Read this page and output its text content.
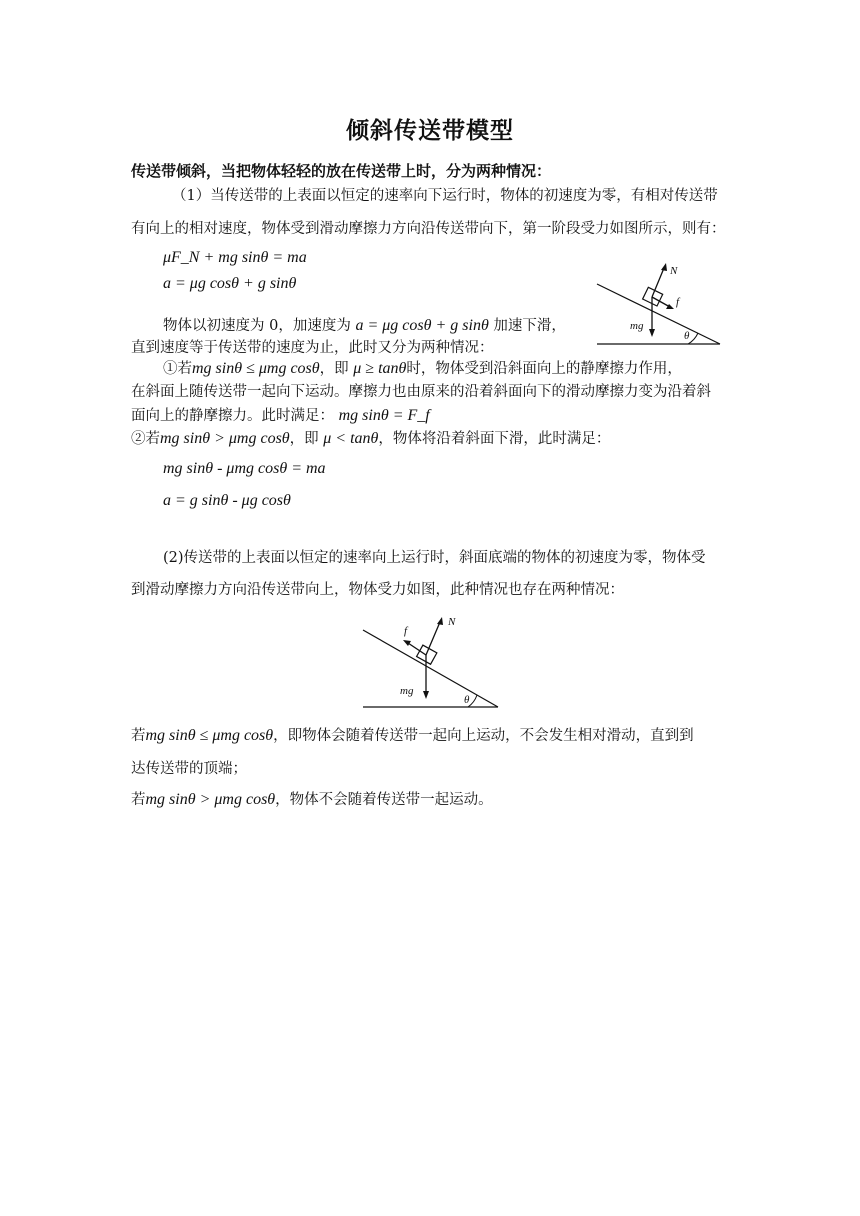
倾斜传送带模型
传送带倾斜，当把物体轻轻的放在传送带上时，分为两种情况：
（1）当传送带的上表面以恒定的速率向下运行时，物体的初速度为零，有相对传送带
有向上的相对速度，物体受到滑动摩擦力方向沿传送带向下，第一阶段受力如图所示，则有：
μF_N + mg sinθ = ma
a = μg cosθ + g sinθ
物体以初速度为 0，加速度为 a = μg cosθ + g sinθ 加速下滑，
直到速度等于传送带的速度为止，此时又分为两种情况：
①若mg sinθ ≤ μmg cosθ，即 μ ≥ tanθ时，物体受到沿斜面向上的静摩擦力作用，
在斜面上随传送带一起向下运动。摩擦力也由原来的沿着斜面向下的滑动摩擦力变为沿着斜
面向上的静摩擦力。此时满足： mg sinθ = F_f
②若mg sinθ > μmg cosθ，即 μ < tanθ，物体将沿着斜面下滑，此时满足：
mg sinθ - μmg cosθ = ma
a = g sinθ - μg cosθ
N
f
mg
θ
(2)传送带的上表面以恒定的速率向上运行时，斜面底端的物体的初速度为零，物体受
到滑动摩擦力方向沿传送带向上，物体受力如图，此种情况也存在两种情况：
N
f
mg
θ
若mg sinθ ≤ μmg cosθ，即物体会随着传送带一起向上运动，不会发生相对滑动，直到到
达传送带的顶端；
若mg sinθ > μmg cosθ，物体不会随着传送带一起运动。
